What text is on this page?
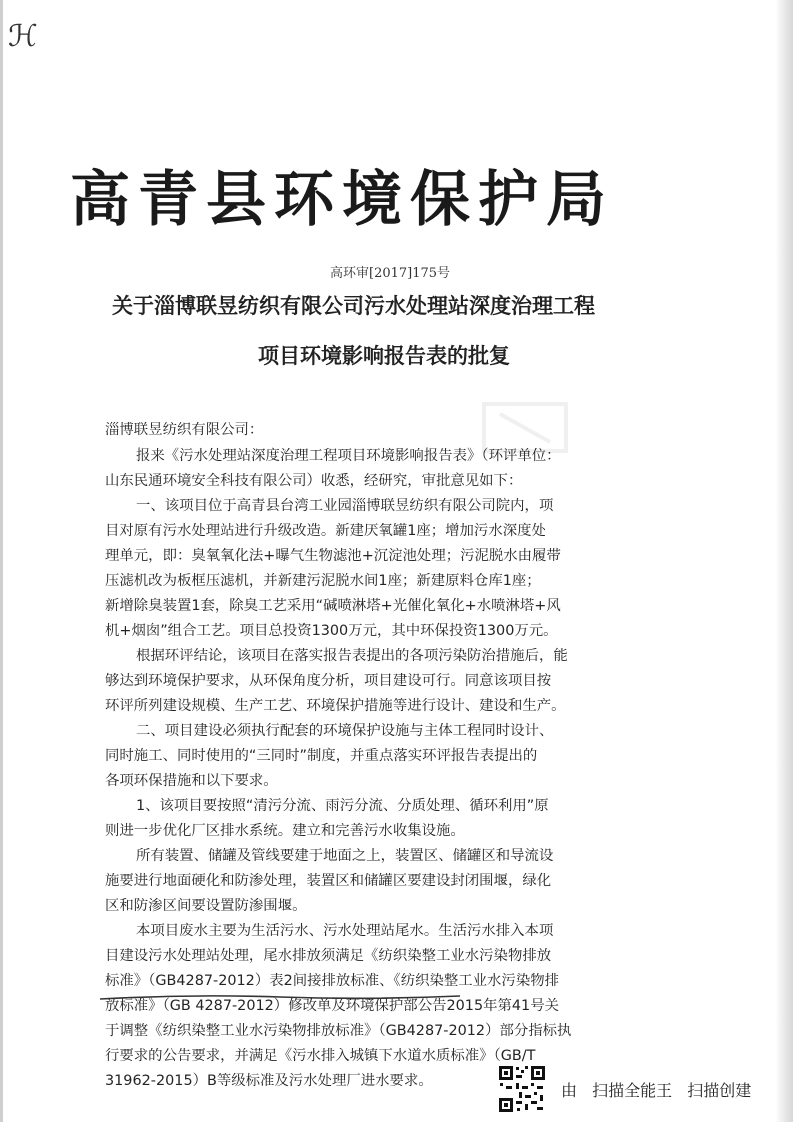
ℋ
高青县环境保护局
高环审[2017]175号
关于淄博联昱纺织有限公司污水处理站深度治理工程
项目环境影响报告表的批复
淄博联昱纺织有限公司：
报来《污水处理站深度治理工程项目环境影响报告表》（环评单位：
山东民通环境安全科技有限公司）收悉，经研究，审批意见如下：
一、该项目位于高青县台湾工业园淄博联昱纺织有限公司院内，项
目对原有污水处理站进行升级改造。新建厌氧罐1座；增加污水深度处
理单元，即：臭氧氧化法+曝气生物滤池+沉淀池处理；污泥脱水由履带
压滤机改为板框压滤机，并新建污泥脱水间1座；新建原料仓库1座；
新增除臭装置1套，除臭工艺采用“碱喷淋塔+光催化氧化+水喷淋塔+风
机+烟囱”组合工艺。项目总投资1300万元，其中环保投资1300万元。
根据环评结论，该项目在落实报告表提出的各项污染防治措施后，能
够达到环境保护要求，从环保角度分析，项目建设可行。同意该项目按
环评所列建设规模、生产工艺、环境保护措施等进行设计、建设和生产。
二、项目建设必须执行配套的环境保护设施与主体工程同时设计、
同时施工、同时使用的“三同时”制度，并重点落实环评报告表提出的
各项环保措施和以下要求。
1、该项目要按照“清污分流、雨污分流、分质处理、循环利用”原
则进一步优化厂区排水系统。建立和完善污水收集设施。
所有装置、储罐及管线要建于地面之上，装置区、储罐区和导流设
施要进行地面硬化和防渗处理，装置区和储罐区要建设封闭围堰，绿化
区和防渗区间要设置防渗围堰。
本项目废水主要为生活污水、污水处理站尾水。生活污水排入本项
目建设污水处理站处理，尾水排放须满足《纺织染整工业水污染物排放
标准》（GB4287-2012）表2间接排放标准、《纺织染整工业水污染物排
放标准》（GB 4287-2012）修改单及环境保护部公告2015年第41号关
于调整《纺织染整工业水污染物排放标准》（GB4287-2012）部分指标执
行要求的公告要求，并满足《污水排入城镇下水道水质标准》（GB/T
31962-2015）B等级标准及污水处理厂进水要求。	由 扫描全能王 扫描创建
